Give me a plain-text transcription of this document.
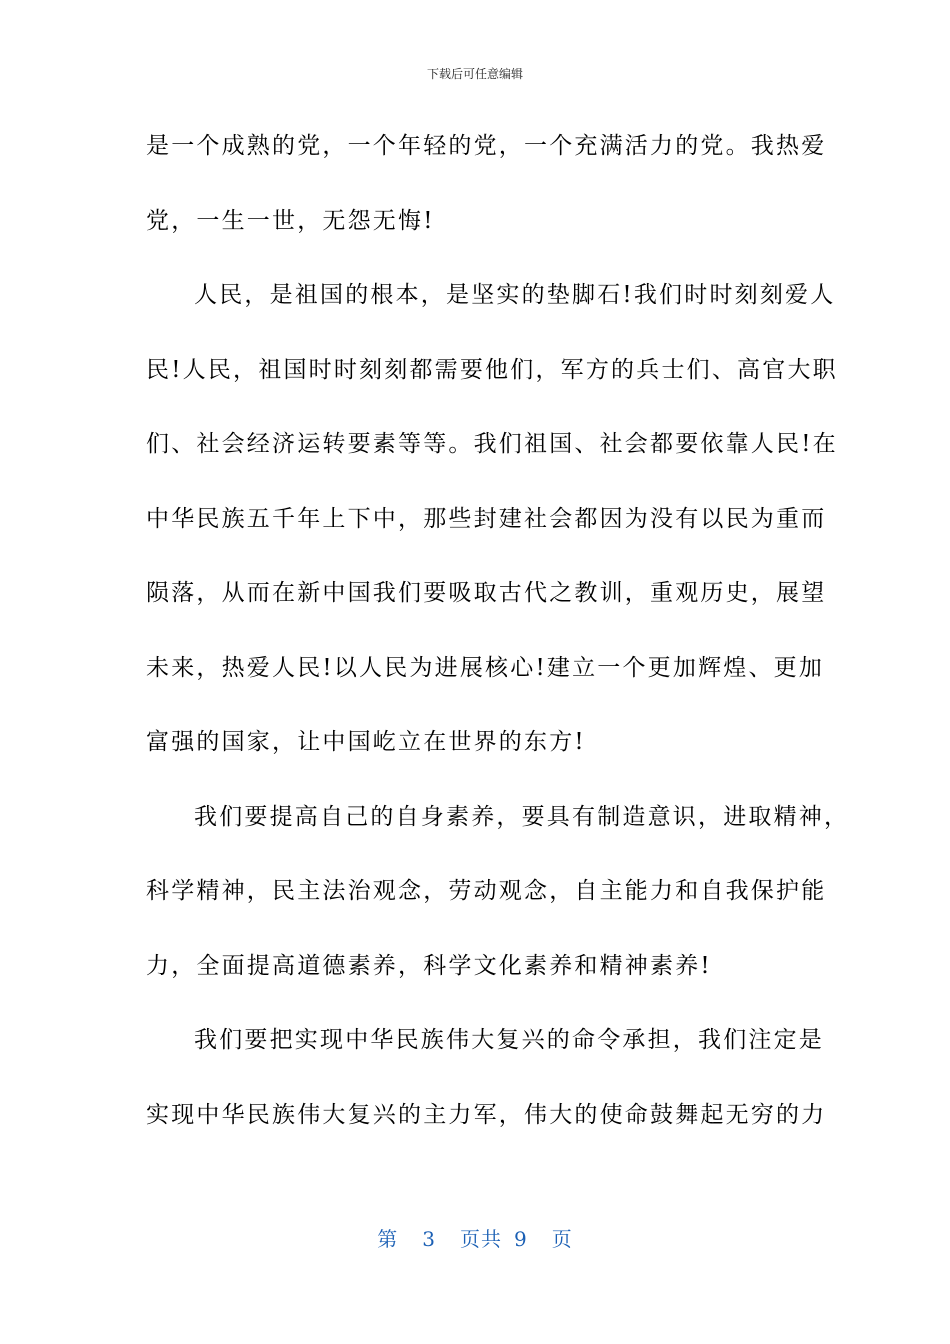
下载后可任意编辑
是一个成熟的党，一个年轻的党，一个充满活力的党。我热爱
党，一生一世，无怨无悔!
人民，是祖国的根本，是坚实的垫脚石!我们时时刻刻爱人
民!人民，祖国时时刻刻都需要他们，军方的兵士们、高官大职
们、社会经济运转要素等等。我们祖国、社会都要依靠人民!在
中华民族五千年上下中，那些封建社会都因为没有以民为重而
陨落，从而在新中国我们要吸取古代之教训，重观历史，展望
未来，热爱人民!以人民为进展核心!建立一个更加辉煌、更加
富强的国家，让中国屹立在世界的东方!
我们要提高自己的自身素养，要具有制造意识，进取精神，
科学精神，民主法治观念，劳动观念，自主能力和自我保护能
力，全面提高道德素养，科学文化素养和精神素养!
我们要把实现中华民族伟大复兴的命令承担，我们注定是
实现中华民族伟大复兴的主力军，伟大的使命鼓舞起无穷的力
第 3 页共 9 页
